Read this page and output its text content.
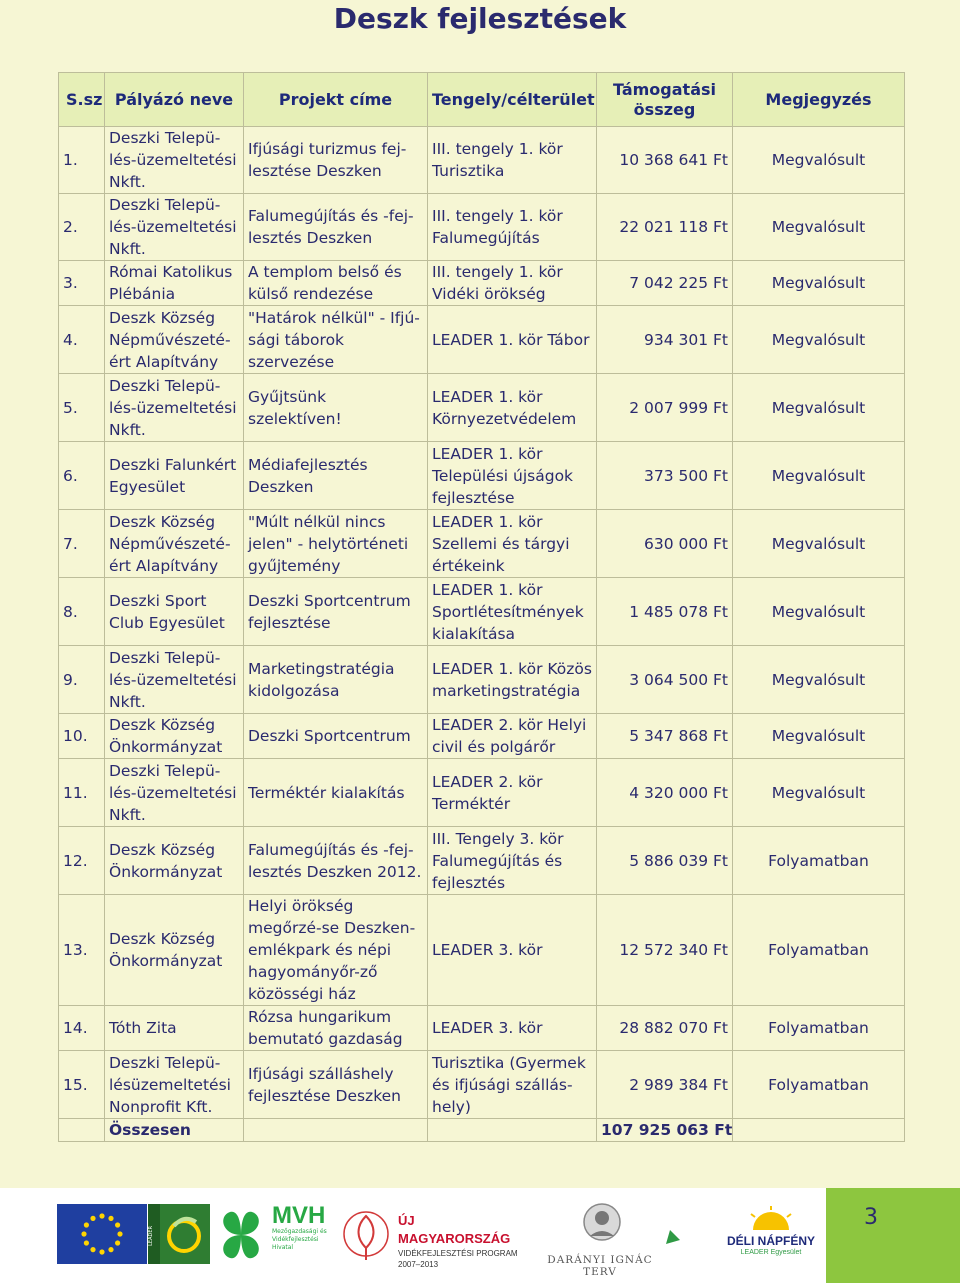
Deszk fejlesztések
S.sz	Pályázó neve	Projekt címe	Tengely/célterület	Támogatási összeg	Megjegyzés
1.	Deszki Telepü-lés-üzemeltetési Nkft.	Ifjúsági turizmus fej-lesztése Deszken	III. tengely 1. kör Turisztika	10 368 641 Ft	Megvalósult
2.	Deszki Telepü-lés-üzemeltetési Nkft.	Falumegújítás és -fej-lesztés Deszken	III. tengely 1. kör Falumegújítás	22 021 118 Ft	Megvalósult
3.	Római Katolikus Plébánia	A templom belső és külső rendezése	III. tengely 1. kör Vidéki örökség	7 042 225 Ft	Megvalósult
4.	Deszk Község Népművészeté-ért Alapítvány	"Határok nélkül" - Ifjú-sági táborok szervezése	LEADER 1. kör Tábor	934 301 Ft	Megvalósult
5.	Deszki Telepü-lés-üzemeltetési Nkft.	Gyűjtsünk szelektíven!	LEADER 1. kör Környezetvédelem	2 007 999 Ft	Megvalósult
6.	Deszki Falunkért Egyesület	Médiafejlesztés Deszken	LEADER 1. kör Települési újságok fejlesztése	373 500 Ft	Megvalósult
7.	Deszk Község Népművészeté-ért Alapítvány	"Múlt nélkül nincs jelen" - helytörténeti gyűjtemény	LEADER 1. kör Szellemi és tárgyi értékeink	630 000 Ft	Megvalósult
8.	Deszki Sport Club Egyesület	Deszki Sportcentrum fejlesztése	LEADER 1. kör Sportlétesítmények kialakítása	1 485 078 Ft	Megvalósult
9.	Deszki Telepü-lés-üzemeltetési Nkft.	Marketingstratégia kidolgozása	LEADER 1. kör Közös marketingstratégia	3 064 500 Ft	Megvalósult
10.	Deszk Község Önkormányzat	Deszki Sportcentrum	LEADER 2. kör Helyi civil és polgárőr	5 347 868 Ft	Megvalósult
11.	Deszki Telepü-lés-üzemeltetési Nkft.	Terméktér kialakítás	LEADER 2. kör Terméktér	4 320 000 Ft	Megvalósult
12.	Deszk Község Önkormányzat	Falumegújítás és -fej-lesztés Deszken 2012.	III. Tengely 3. kör Falumegújítás és fejlesztés	5 886 039 Ft	Folyamatban
13.	Deszk Község Önkormányzat	Helyi örökség megőrzé-se Deszken- emlékpark és népi hagyományőr-ző közösségi ház	LEADER 3. kör	12 572 340 Ft	Folyamatban
14.	Tóth Zita	Rózsa hungarikum bemutató gazdaság	LEADER 3. kör	28 882 070 Ft	Folyamatban
15.	Deszki Telepü-lésüzemeltetési Nonprofit Kft.	Ifjúsági szálláshely fejlesztése Deszken	Turisztika (Gyermek és ifjúsági szállás-hely)	2 989 384 Ft	Folyamatban
	Összesen			107 925 063 Ft	
LEADER
MVH
Mezőgazdasági és
Vidékfejlesztési
Hivatal
ÚJ MAGYARORSZÁG
VIDÉKFEJLESZTÉSI PROGRAM
2007–2013	DARÁNYI IGNÁC TERV
DÉLI NÁPFÉNY
LEADER Egyesület
3
